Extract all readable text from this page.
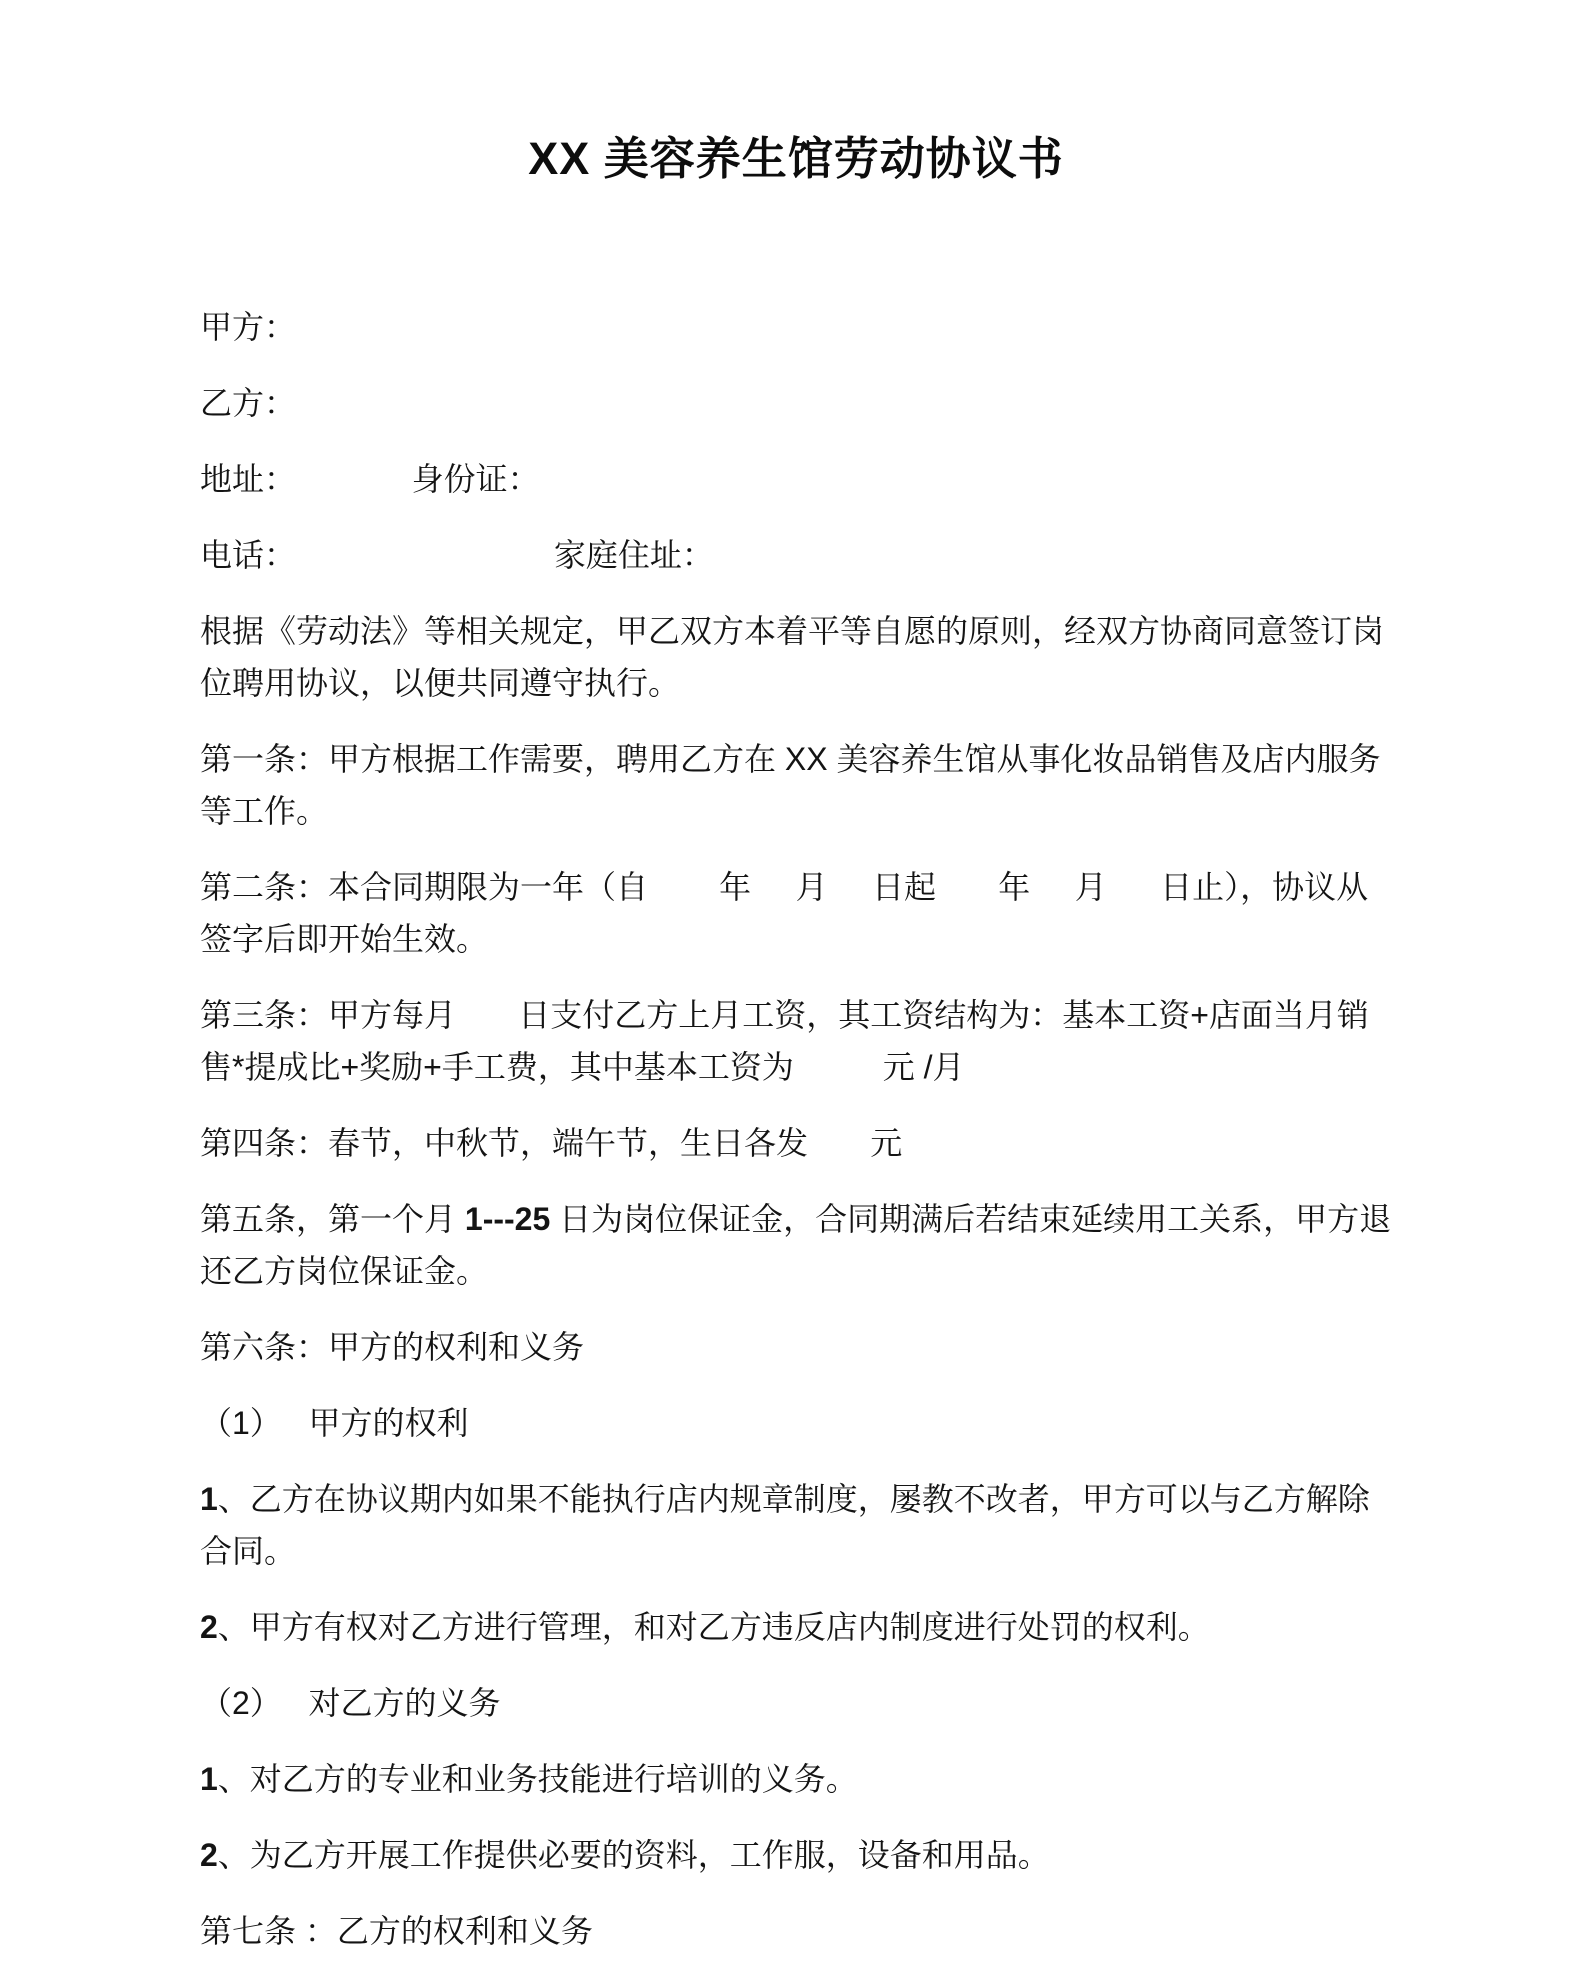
XX 美容养生馆劳动协议书

甲方：

乙方：

地址：             身份证：

电话：                             家庭住址：

根据《劳动法》等相关规定，甲乙双方本着平等自愿的原则，经双方协商同意签订岗位聘用协议，以便共同遵守执行。

第一条：甲方根据工作需要，聘用乙方在 XX 美容养生馆从事化妆品销售及店内服务等工作。

第二条：本合同期限为一年（自        年     月     日起       年     月      日止），协议从签字后即开始生效。

第三条：甲方每月       日支付乙方上月工资，其工资结构为：基本工资+店面当月销售*提成比+奖励+手工费，其中基本工资为          元 /月

第四条：春节，中秋节，端午节，生日各发       元

第五条，第一个月 1---25 日为岗位保证金，合同期满后若结束延续用工关系，甲方退还乙方岗位保证金。

第六条：甲方的权利和义务

（1）   甲方的权利

1、乙方在协议期内如果不能执行店内规章制度，屡教不改者，甲方可以与乙方解除合同。

2、甲方有权对乙方进行管理，和对乙方违反店内制度进行处罚的权利。

（2）   对乙方的义务

1、对乙方的专业和业务技能进行培训的义务。

2、为乙方开展工作提供必要的资料，工作服，设备和用品。

第七条 ：乙方的权利和义务
